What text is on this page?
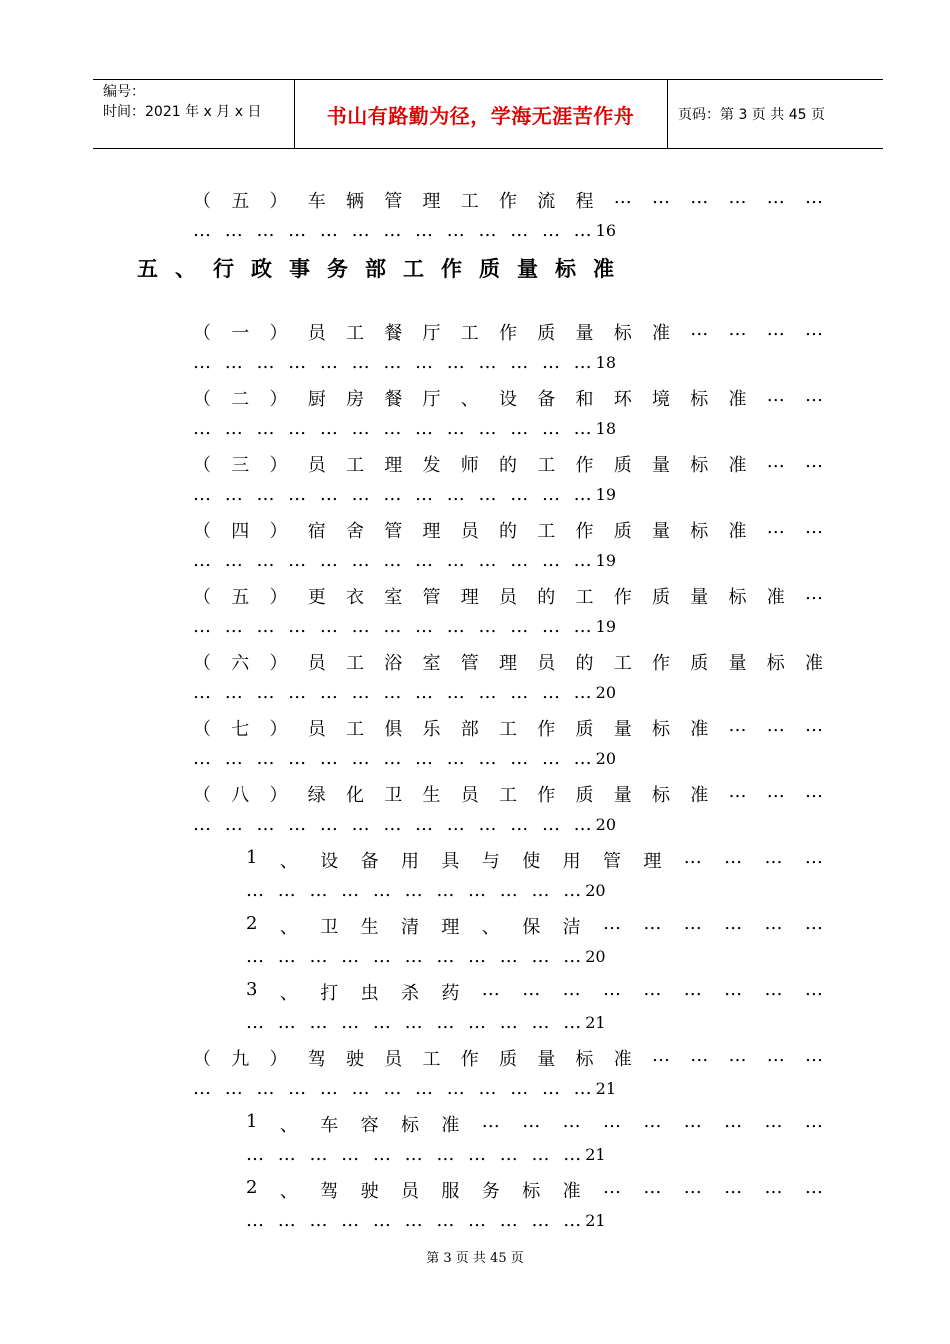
编号：
时间：2021 年 x 月 x 日	书山有路勤为径，学海无涯苦作舟	页码：第 3 页 共 45 页
（ 五 ） 车 辆 管 理 工 作 流 程 … … … … … …
… … … … … … … … … … … … …16
五 、 行 政 事 务 部 工 作 质 量 标 准
（ 一 ） 员 工 餐 厅 工 作 质 量 标 准 … … … …
… … … … … … … … … … … … …18
（ 二 ） 厨 房 餐 厅 、 设 备 和 环 境 标 准 … …
… … … … … … … … … … … … …18
（ 三 ） 员 工 理 发 师 的 工 作 质 量 标 准 … …
… … … … … … … … … … … … …19
（ 四 ） 宿 舍 管 理 员 的 工 作 质 量 标 准 … …
… … … … … … … … … … … … …19
（ 五 ） 更 衣 室 管 理 员 的 工 作 质 量 标 准 …
… … … … … … … … … … … … …19
（ 六 ） 员 工 浴 室 管 理 员 的 工 作 质 量 标 准
… … … … … … … … … … … … …20
（ 七 ） 员 工 俱 乐 部 工 作 质 量 标 准 … … …
… … … … … … … … … … … … …20
（ 八 ） 绿 化 卫 生 员 工 作 质 量 标 准 … … …
… … … … … … … … … … … … …20
1 、 设 备 用 具 与 使 用 管 理 … … … …
… … … … … … … … … … …20
2 、 卫 生 清 理 、 保 洁 … … … … … …
… … … … … … … … … … …20
3 、 打 虫 杀 药 … … … … … … … … …
… … … … … … … … … … …21
（ 九 ） 驾 驶 员 工 作 质 量 标 准 … … … … …
… … … … … … … … … … … … …21
1 、 车 容 标 准 … … … … … … … … …
… … … … … … … … … … …21
2 、 驾 驶 员 服 务 标 准 … … … … … …
… … … … … … … … … … …21
第 3 页 共 45 页
